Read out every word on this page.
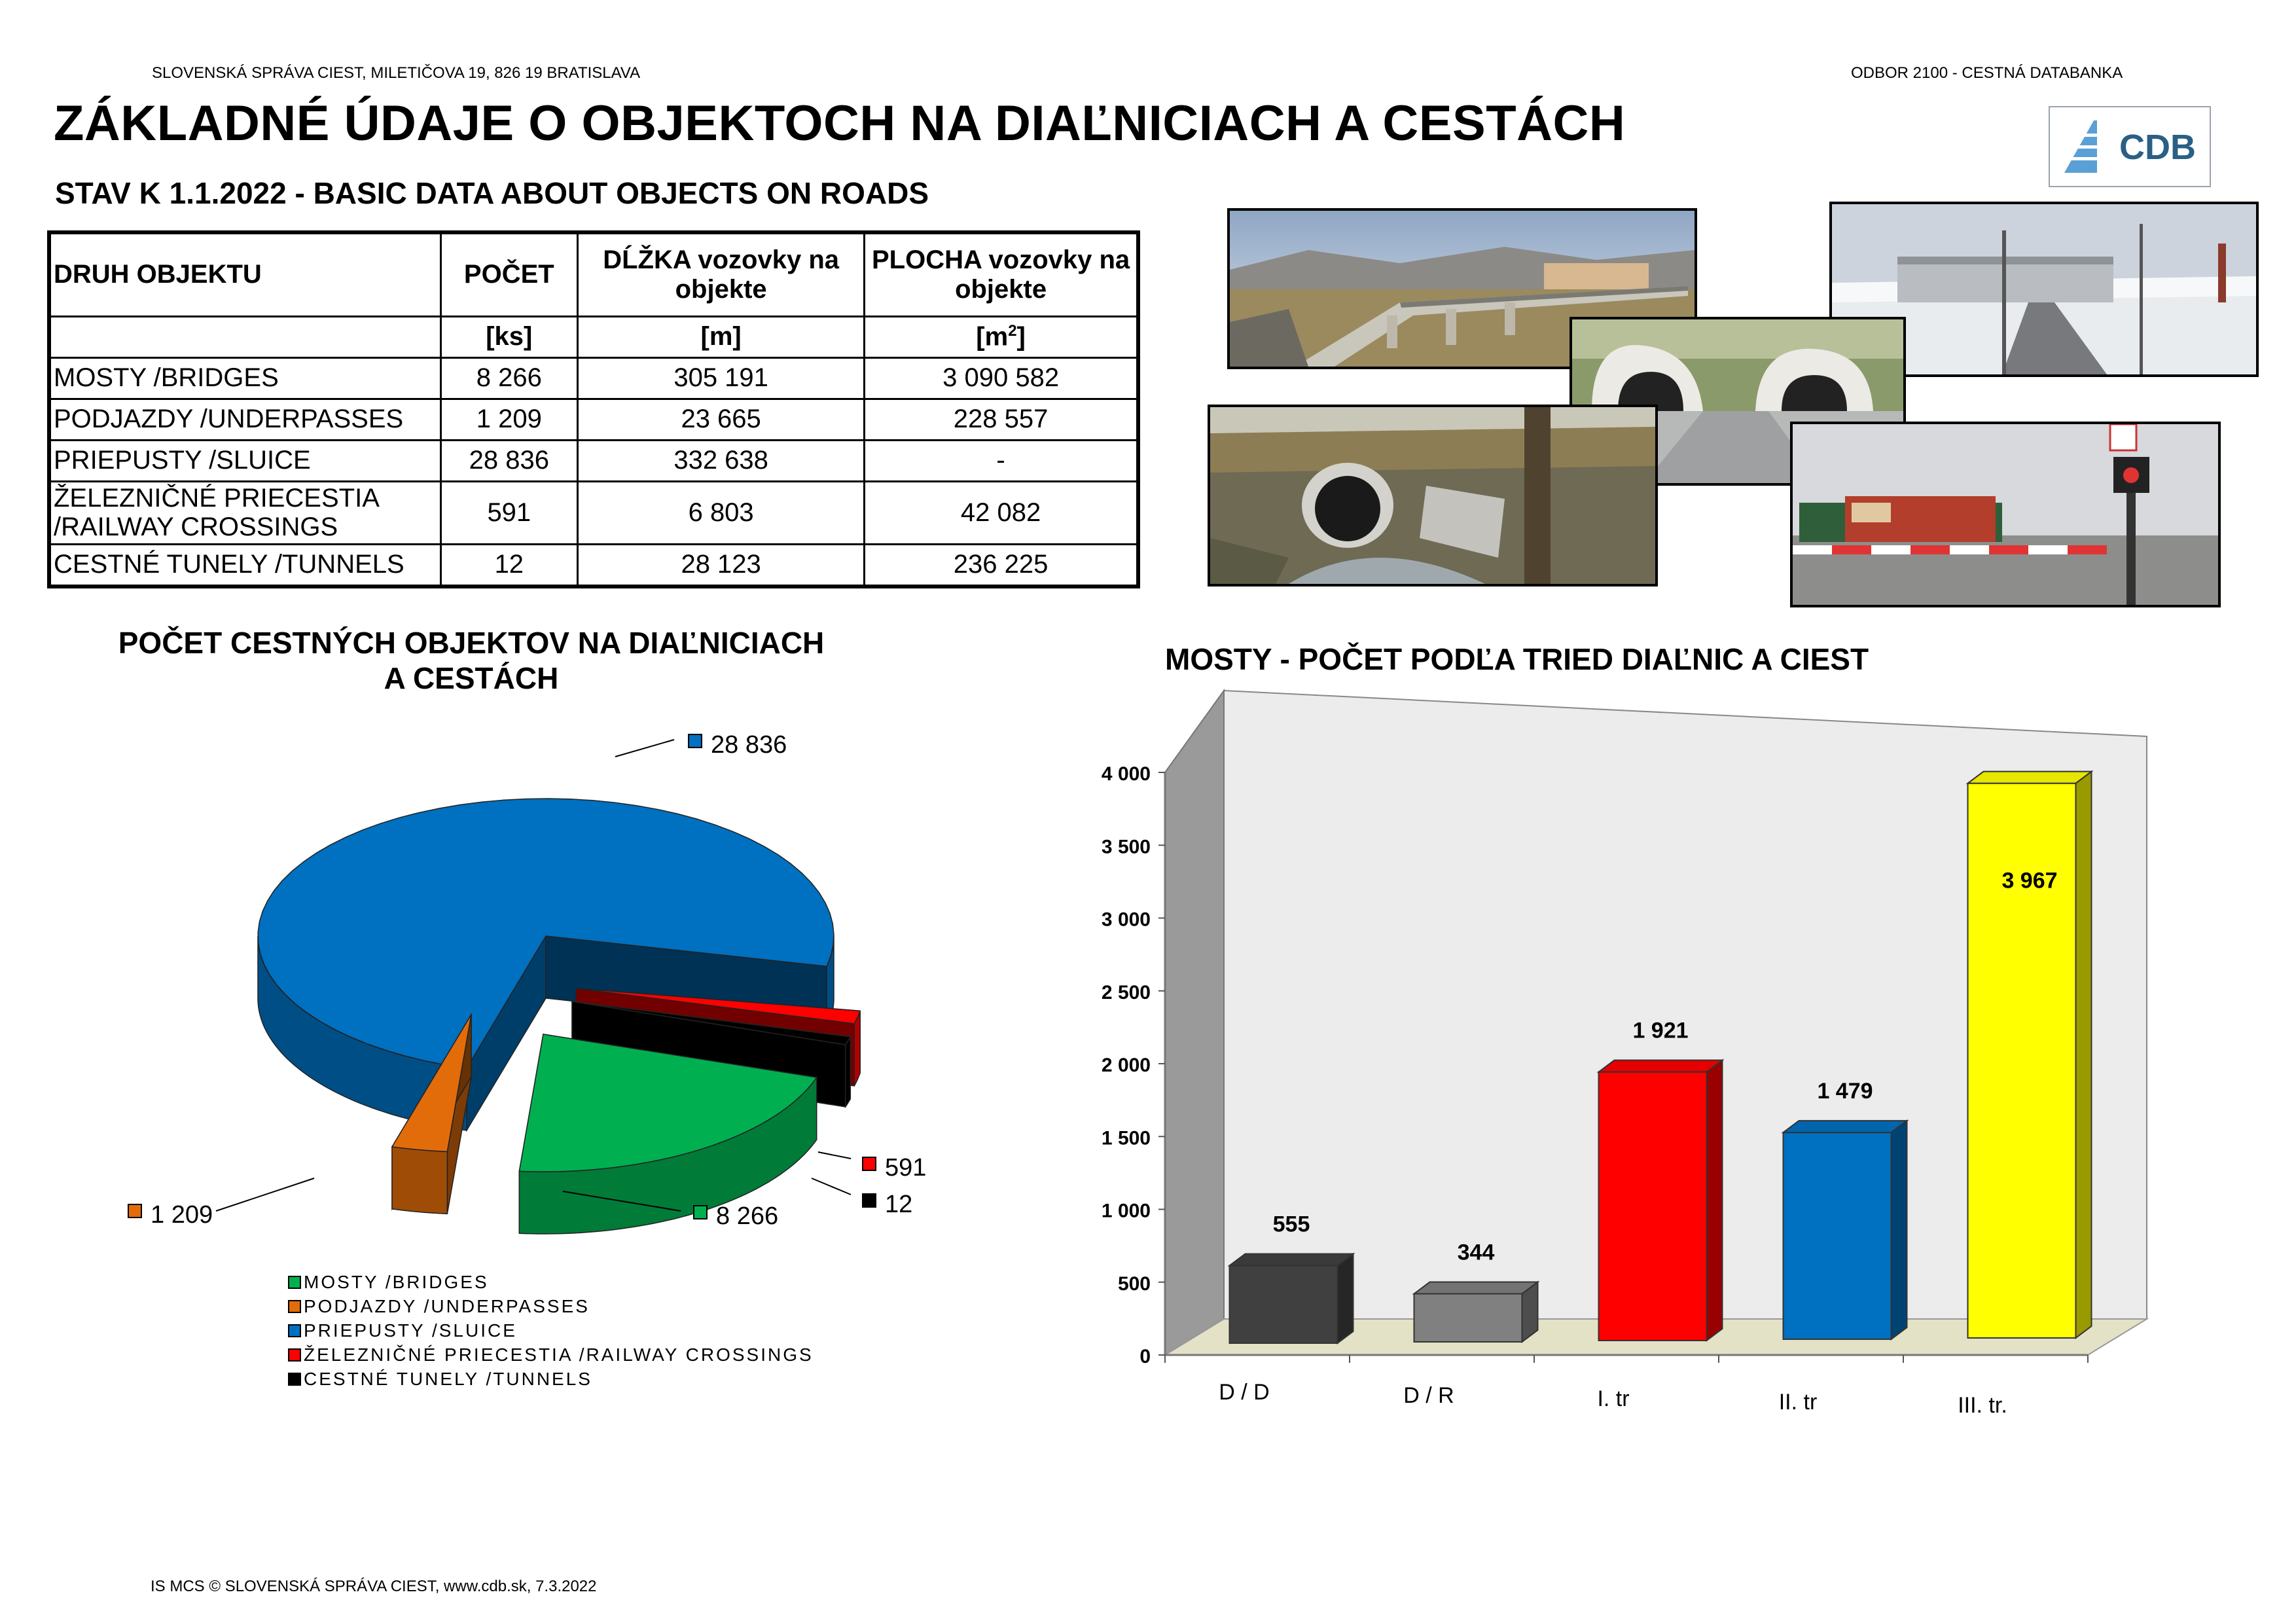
SLOVENSKÁ SPRÁVA CIEST, MILETIČOVA 19, 826 19 BRATISLAVA	ODBOR 2100 - CESTNÁ DATABANKA
ZÁKLADNÉ ÚDAJE O OBJEKTOCH NA DIAĽNICIACH A CESTÁCH
STAV K 1.1.2022 - BASIC DATA ABOUT OBJECTS ON ROADS
CDB
DRUH OBJEKTU	POČET	DĹŽKA vozovky na objekte	PLOCHA vozovky na objekte
	[ks]	[m]	$[m^2]$
MOSTY /BRIDGES	8 266	305 191	3 090 582
PODJAZDY /UNDERPASSES	1 209	23 665	228 557
PRIEPUSTY /SLUICE	28 836	332 638	-
ŽELEZNIČNÉ PRIECESTIA /RAILWAY CROSSINGS	591	6 803	42 082
CESTNÉ TUNELY /TUNNELS	12	28 123	236 225
POČET CESTNÝCH OBJEKTOV NA DIAĽNICIACH
A CESTÁCH
8 266
1 209
28 836
591
12
MOSTY /BRIDGES
PODJAZDY /UNDERPASSES
PRIEPUSTY /SLUICE
ŽELEZNIČNÉ PRIECESTIA /RAILWAY CROSSINGS
CESTNÉ TUNELY /TUNNELS
MOSTY - POČET PODĽA TRIED DIAĽNIC A CIEST
0
500
1 000
1 500
2 000
2 500
3 000
3 500
4 000
555
D / D
344
D / R
1 921
I. tr
1 479
II. tr
3 967
III. tr.
IS MCS © SLOVENSKÁ SPRÁVA CIEST, www.cdb.sk, 7.3.2022
